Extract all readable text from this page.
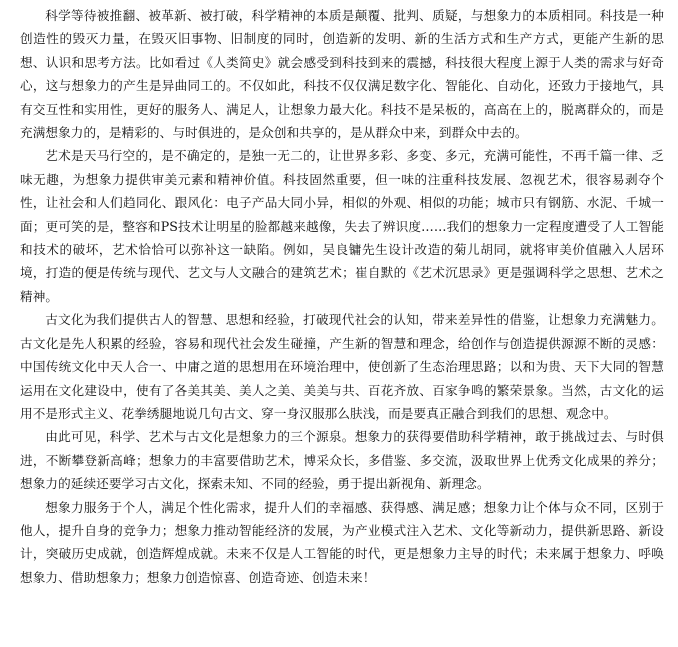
科学等待被推翻、被革新、被打破，科学精神的本质是颠覆、批判、质疑，与想象力的本质相同。科技是一种创造性的毁灭力量，在毁灭旧事物、旧制度的同时，创造新的发明、新的生活方式和生产方式，更能产生新的思想、认识和思考方法。比如看过《人类简史》就会感受到科技到来的震撼，科技很大程度上源于人类的需求与好奇心，这与想象力的产生是异曲同工的。不仅如此，科技不仅仅满足数字化、智能化、自动化，还致力于接地气，具有交互性和实用性，更好的服务人、满足人，让想象力最大化。科技不是呆板的，高高在上的，脱离群众的，而是充满想象力的，是精彩的、与时俱进的，是众创和共享的，是从群众中来，到群众中去的。

艺术是天马行空的，是不确定的，是独一无二的，让世界多彩、多变、多元，充满可能性，不再千篇一律、乏味无趣，为想象力提供审美元素和精神价值。科技固然重要，但一味的注重科技发展、忽视艺术，很容易剥夺个性，让社会和人们趋同化、跟风化：电子产品大同小异，相似的外观、相似的功能；城市只有钢筋、水泥、千城一面；更可笑的是，整容和PS技术让明星的脸都越来越像，失去了辨识度……我们的想象力一定程度遭受了人工智能和技术的破坏，艺术恰恰可以弥补这一缺陷。例如，吴良镛先生设计改造的菊儿胡同，就将审美价值融入人居环境，打造的便是传统与现代、艺文与人文融合的建筑艺术；崔自默的《艺术沉思录》更是强调科学之思想、艺术之精神。

古文化为我们提供古人的智慧、思想和经验，打破现代社会的认知，带来差异性的借鉴，让想象力充满魅力。古文化是先人积累的经验，容易和现代社会发生碰撞，产生新的智慧和理念，给创作与创造提供源源不断的灵感：中国传统文化中天人合一、中庸之道的思想用在环境治理中，使创新了生态治理思路；以和为贵、天下大同的智慧运用在文化建设中，使有了各美其美、美人之美、美美与共、百花齐放、百家争鸣的繁荣景象。当然，古文化的运用不是形式主义、花拳绣腿地说几句古文、穿一身汉服那么肤浅，而是要真正融合到我们的思想、观念中。

由此可见，科学、艺术与古文化是想象力的三个源泉。想象力的获得要借助科学精神，敢于挑战过去、与时俱进，不断攀登新高峰；想象力的丰富要借助艺术，博采众长，多借鉴、多交流，汲取世界上优秀文化成果的养分；想象力的延续还要学习古文化，探索未知、不同的经验，勇于提出新视角、新理念。

想象力服务于个人，满足个性化需求，提升人们的幸福感、获得感、满足感；想象力让个体与众不同，区别于他人，提升自身的竞争力；想象力推动智能经济的发展，为产业模式注入艺术、文化等新动力，提供新思路、新设计，突破历史成就，创造辉煌成就。未来不仅是人工智能的时代，更是想象力主导的时代；未来属于想象力、呼唤想象力、借助想象力；想象力创造惊喜、创造奇迹、创造未来！
